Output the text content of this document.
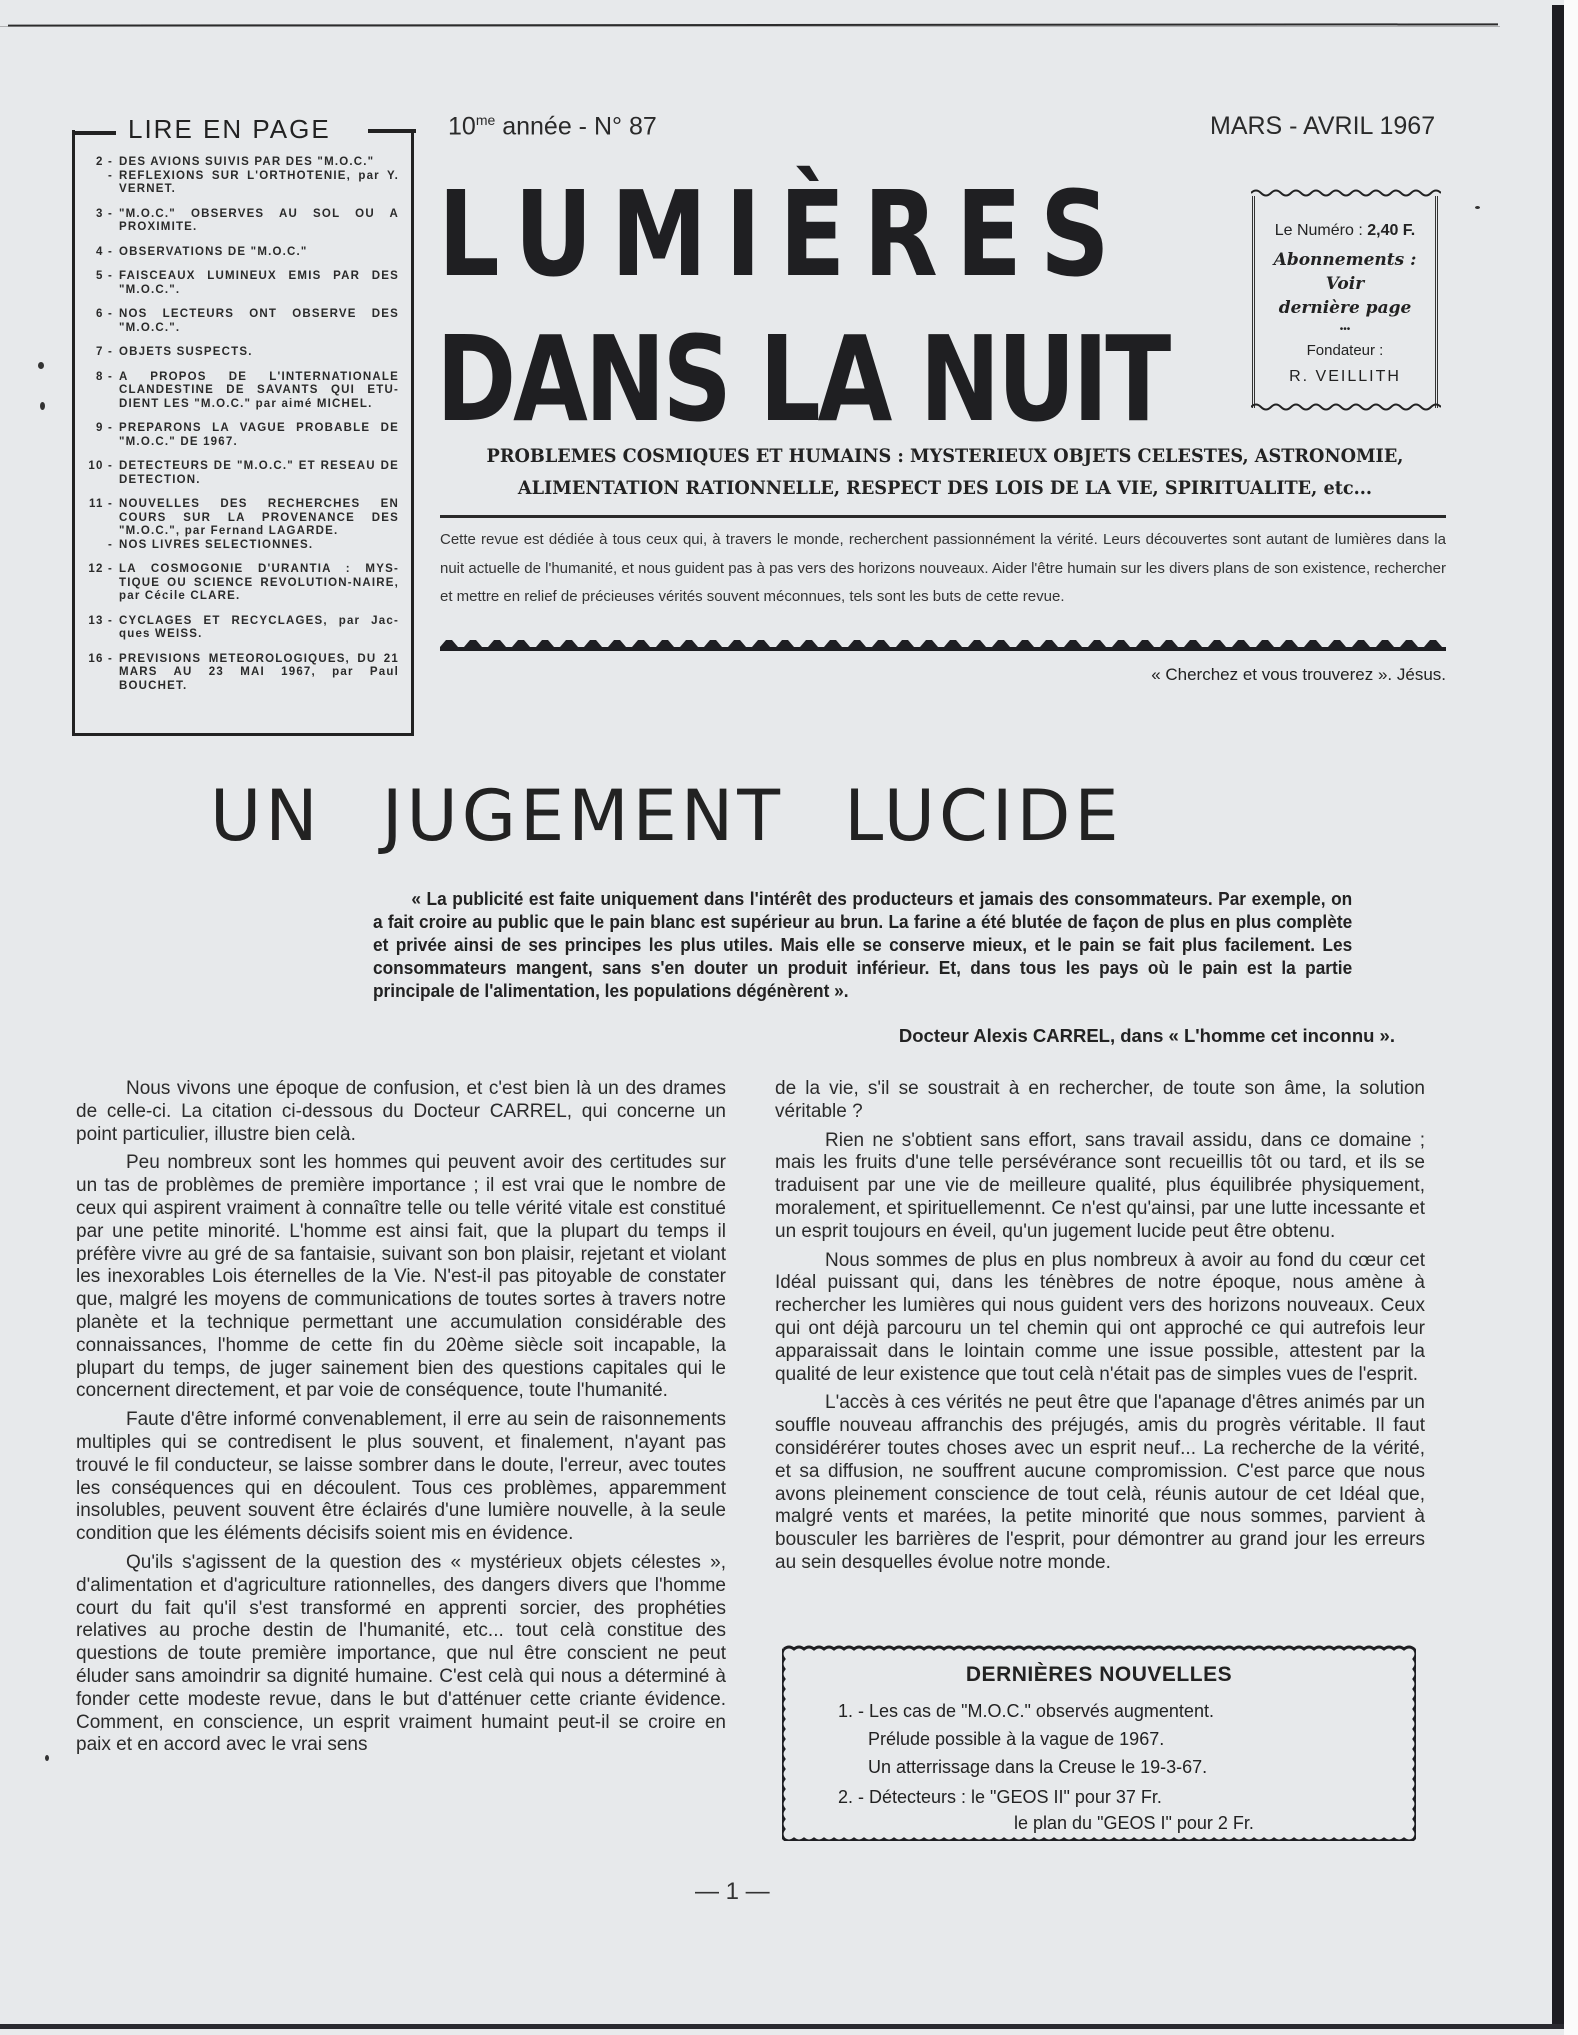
LIRE EN PAGE
2 - DES AVIONS SUIVIS PAR DES "M.O.C."
- REFLEXIONS SUR L'ORTHOTENIE, par Y. VERNET.
3 - "M.O.C." OBSERVES AU SOL OU A PROXIMITE.
4 - OBSERVATIONS DE "M.O.C."
5 - FAISCEAUX LUMINEUX EMIS PAR DES "M.O.C.".
6 - NOS LECTEURS ONT OBSERVE DES "M.O.C.".
7 - OBJETS SUSPECTS.
8 - A PROPOS DE L'INTERNATIONALE CLANDESTINE DE SAVANTS QUI ETU-DIENT LES "M.O.C." par aimé MICHEL.
9 - PREPARONS LA VAGUE PROBABLE DE "M.O.C." DE 1967.
10 - DETECTEURS DE "M.O.C." ET RESEAU DE DETECTION.
11 - NOUVELLES DES RECHERCHES EN COURS SUR LA PROVENANCE DES "M.O.C.", par Fernand LAGARDE.
- NOS LIVRES SELECTIONNES.
12 - LA COSMOGONIE D'URANTIA : MYS-TIQUE OU SCIENCE REVOLUTION-NAIRE, par Cécile CLARE.
13 - CYCLAGES ET RECYCLAGES, par Jac-ques WEISS.
16 - PREVISIONS METEOROLOGIQUES, DU 21 MARS AU 23 MAI 1967, par Paul BOUCHET.
$10^{me}$ année - N° 87	MARS - AVRIL 1967
LUMIÈRES
DANS LA NUIT
Le Numéro : 2,40 F.
Abonnements :
Voir
dernière page
•••
Fondateur :
R. VEILLITH
PROBLEMES COSMIQUES ET HUMAINS : MYSTERIEUX OBJETS CELESTES, ASTRONOMIE,
ALIMENTATION RATIONNELLE, RESPECT DES LOIS DE LA VIE, SPIRITUALITE, etc...
Cette revue est dédiée à tous ceux qui, à travers le monde, recherchent passionnément la vérité. Leurs découvertes sont autant de lumières dans la nuit actuelle de l'humanité, et nous guident pas à pas vers des horizons nouveaux. Aider l'être humain sur les divers plans de son existence, rechercher et mettre en relief de précieuses vérités souvent méconnues, tels sont les buts de cette revue.
« Cherchez et vous trouverez ». Jésus.
UN JUGEMENT LUCIDE
« La publicité est faite uniquement dans l'intérêt des producteurs et jamais des consommateurs. Par exemple, on a fait croire au public que le pain blanc est supérieur au brun. La farine a été blutée de façon de plus en plus complète et privée ainsi de ses principes les plus utiles. Mais elle se conserve mieux, et le pain se fait plus facilement. Les consommateurs mangent, sans s'en douter un produit inférieur. Et, dans tous les pays où le pain est la partie principale de l'alimentation, les populations dégénèrent ».
Docteur Alexis CARREL, dans « L'homme cet inconnu ».

Nous vivons une époque de confusion, et c'est bien là un des drames de celle-ci. La citation ci-dessous du Docteur CARREL, qui concerne un point particulier, illustre bien celà.

Peu nombreux sont les hommes qui peuvent avoir des certitudes sur un tas de problèmes de première importance ; il est vrai que le nombre de ceux qui aspirent vraiment à connaître telle ou telle vérité vitale est constitué par une petite minorité. L'homme est ainsi fait, que la plupart du temps il préfère vivre au gré de sa fantaisie, suivant son bon plaisir, rejetant et violant les inexorables Lois éternelles de la Vie. N'est-il pas pitoyable de constater que, malgré les moyens de communications de toutes sortes à travers notre planète et la technique permettant une accumulation considérable des connaissances, l'homme de cette fin du 20ème siècle soit incapable, la plupart du temps, de juger sainement bien des questions capitales qui le concernent directement, et par voie de conséquence, toute l'humanité.

Faute d'être informé convenablement, il erre au sein de raisonnements multiples qui se contredisent le plus souvent, et finalement, n'ayant pas trouvé le fil conducteur, se laisse sombrer dans le doute, l'erreur, avec toutes les conséquences qui en découlent. Tous ces problèmes, apparemment insolubles, peuvent souvent être éclairés d'une lumière nouvelle, à la seule condition que les éléments décisifs soient mis en évidence.

Qu'ils s'agissent de la question des « mystérieux objets célestes », d'alimentation et d'agriculture rationnelles, des dangers divers que l'homme court du fait qu'il s'est transformé en apprenti sorcier, des prophéties relatives au proche destin de l'humanité, etc... tout celà constitue des questions de toute première importance, que nul être conscient ne peut éluder sans amoindrir sa dignité humaine. C'est celà qui nous a déterminé à fonder cette modeste revue, dans le but d'atténuer cette criante évidence. Comment, en conscience, un esprit vraiment humaint peut-il se croire en paix et en accord avec le vrai sens

de la vie, s'il se soustrait à en rechercher, de toute son âme, la solution véritable ?

Rien ne s'obtient sans effort, sans travail assidu, dans ce domaine ; mais les fruits d'une telle persévérance sont recueillis tôt ou tard, et ils se traduisent par une vie de meilleure qualité, plus équilibrée physiquement, moralement, et spirituellemennt. Ce n'est qu'ainsi, par une lutte incessante et un esprit toujours en éveil, qu'un jugement lucide peut être obtenu.

Nous sommes de plus en plus nombreux à avoir au fond du cœur cet Idéal puissant qui, dans les ténèbres de notre époque, nous amène à rechercher les lumières qui nous guident vers des horizons nouveaux. Ceux qui ont déjà parcouru un tel chemin qui ont approché ce qui autrefois leur apparaissait dans le lointain comme une issue possible, attestent par la qualité de leur existence que tout celà n'était pas de simples vues de l'esprit.

L'accès à ces vérités ne peut être que l'apanage d'êtres animés par un souffle nouveau affranchis des préjugés, amis du progrès véritable. Il faut considérérer toutes choses avec un esprit neuf... La recherche de la vérité, et sa diffusion, ne souffrent aucune compromission. C'est parce que nous avons pleinement conscience de tout celà, réunis autour de cet Idéal que, malgré vents et marées, la petite minorité que nous sommes, parvient à bousculer les barrières de l'esprit, pour démontrer au grand jour les erreurs au sein desquelles évolue notre monde.

DERNIÈRES NOUVELLES
1. - Les cas de "M.O.C." observés augmentent.
Prélude possible à la vague de 1967.
Un atterrissage dans la Creuse le 19-3-67.
2. - Détecteurs : le "GEOS II" pour 37 Fr.
le plan du "GEOS I" pour 2 Fr.
— 1 —
